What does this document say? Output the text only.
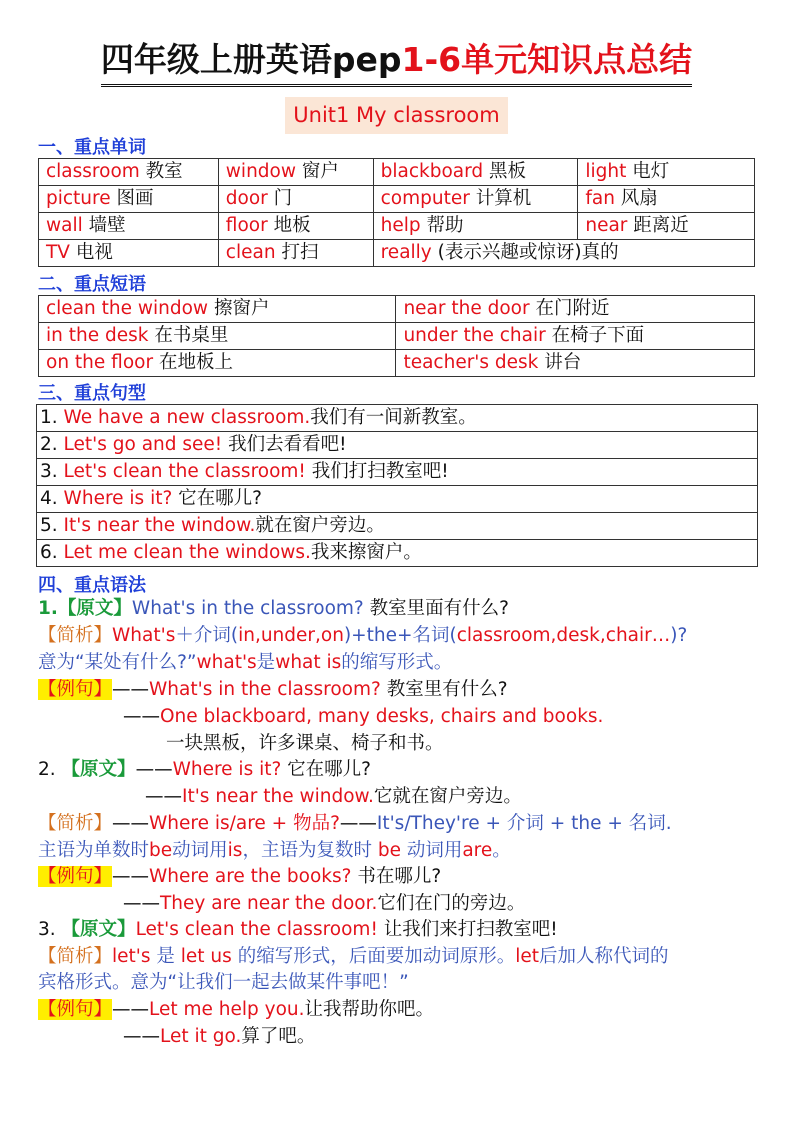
四年级上册英语pep1-6单元知识点总结
Unit1 My classroom
一、重点单词
classroom 教室	window 窗户	blackboard 黑板	light 电灯
picture 图画	door 门	computer 计算机	fan 风扇
wall 墙壁	floor 地板	help 帮助	near 距离近
TV 电视	clean 打扫	really (表示兴趣或惊讶)真的	
二、重点短语
clean the window 擦窗户	near the door 在门附近
in the desk 在书桌里	under the chair 在椅子下面
on the floor 在地板上	teacher's desk 讲台
三、重点句型
1. We have a new classroom.我们有一间新教室。
2. Let's go and see! 我们去看看吧!
3. Let's clean the classroom! 我们打扫教室吧!
4. Where is it? 它在哪儿?
5. It's near the window.就在窗户旁边。
6. Let me clean the windows.我来擦窗户。
四、重点语法
1.【原文】What's in the classroom? 教室里面有什么?
【简析】What's＋介词(in,under,on)+the+名词(classroom,desk,chair…)?
意为“某处有什么?”what's是what is的缩写形式。
【例句】——What's in the classroom? 教室里有什么?
——One blackboard, many desks, chairs and books.
一块黑板，许多课桌、椅子和书。
2. 【原文】——Where is it? 它在哪儿?
——It's near the window.它就在窗户旁边。
【简析】——Where is/are + 物品?——It's/They're + 介词 + the + 名词.
主语为单数时be动词用is，主语为复数时 be 动词用are。
【例句】——Where are the books? 书在哪儿?
——They are near the door.它们在门的旁边。
3. 【原文】Let's clean the classroom! 让我们来打扫教室吧!
【简析】let's 是 let us 的缩写形式，后面要加动词原形。let后加人称代词的
宾格形式。意为“让我们一起去做某件事吧！”
【例句】——Let me help you.让我帮助你吧。
——Let it go.算了吧。
